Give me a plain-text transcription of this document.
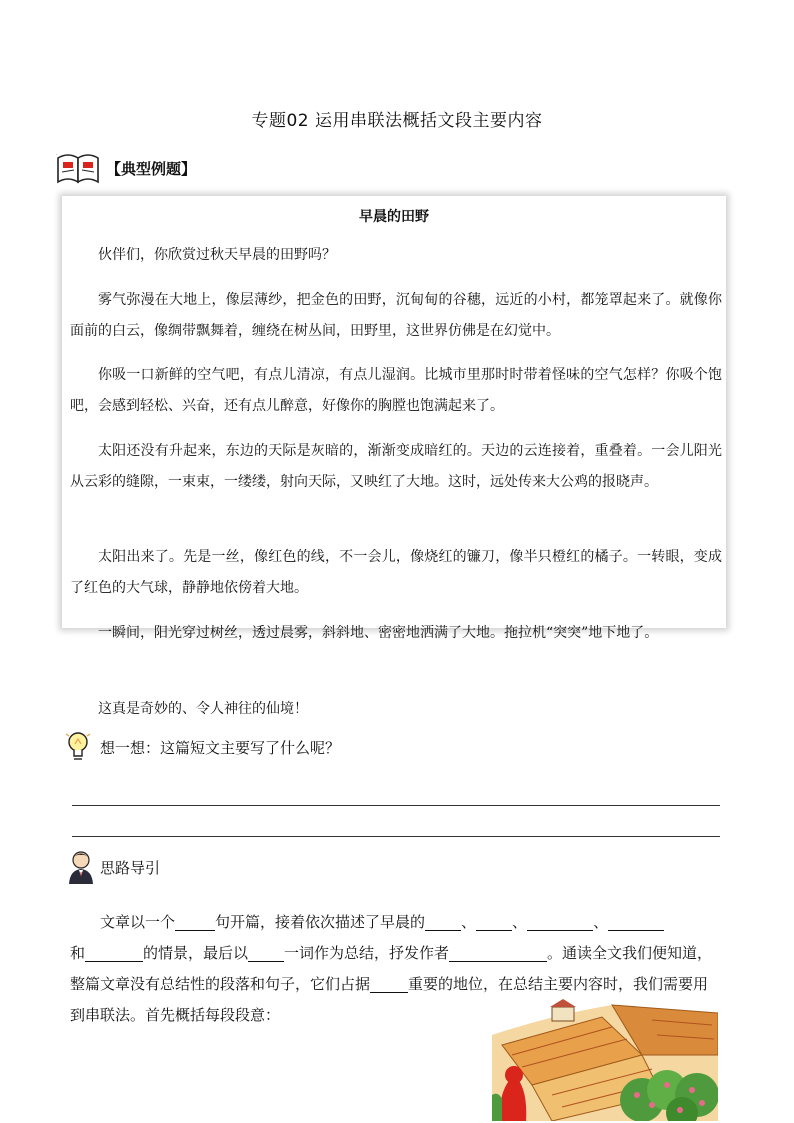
专题02 运用串联法概括文段主要内容
【典型例题】
早晨的田野
伙伴们，你欣赏过秋天早晨的田野吗？
雾气弥漫在大地上，像层薄纱，把金色的田野，沉甸甸的谷穗，远近的小村，都笼罩起来了。就像你面前的白云，像绸带飘舞着，缠绕在树丛间，田野里，这世界仿佛是在幻觉中。
你吸一口新鲜的空气吧，有点儿清凉，有点儿湿润。比城市里那时时带着怪味的空气怎样？你吸个饱吧，会感到轻松、兴奋，还有点儿醉意，好像你的胸膛也饱满起来了。
太阳还没有升起来，东边的天际是灰暗的，渐渐变成暗红的。天边的云连接着，重叠着。一会儿阳光从云彩的缝隙，一束束，一缕缕，射向天际，又映红了大地。这时，远处传来大公鸡的报晓声。
太阳出来了。先是一丝，像红色的线，不一会儿，像烧红的镰刀，像半只橙红的橘子。一转眼，变成了红色的大气球，静静地依傍着大地。
一瞬间，阳光穿过树丝，透过晨雾，斜斜地、密密地洒满了大地。拖拉机“突突”地下地了。
这真是奇妙的、令人神往的仙境！
想一想：这篇短文主要写了什么呢？
思路导引
文章以一个	句开篇，接着依次描述了早晨的 、 、	、
和	的情景，最后以 一词作为总结，抒发作者	。通读全文我们便知道，整篇文章没有总结性的段落和句子，它们占据	重要的地位，在总结主要内容时，我们需要用到串联法。首先概括每段段意：
